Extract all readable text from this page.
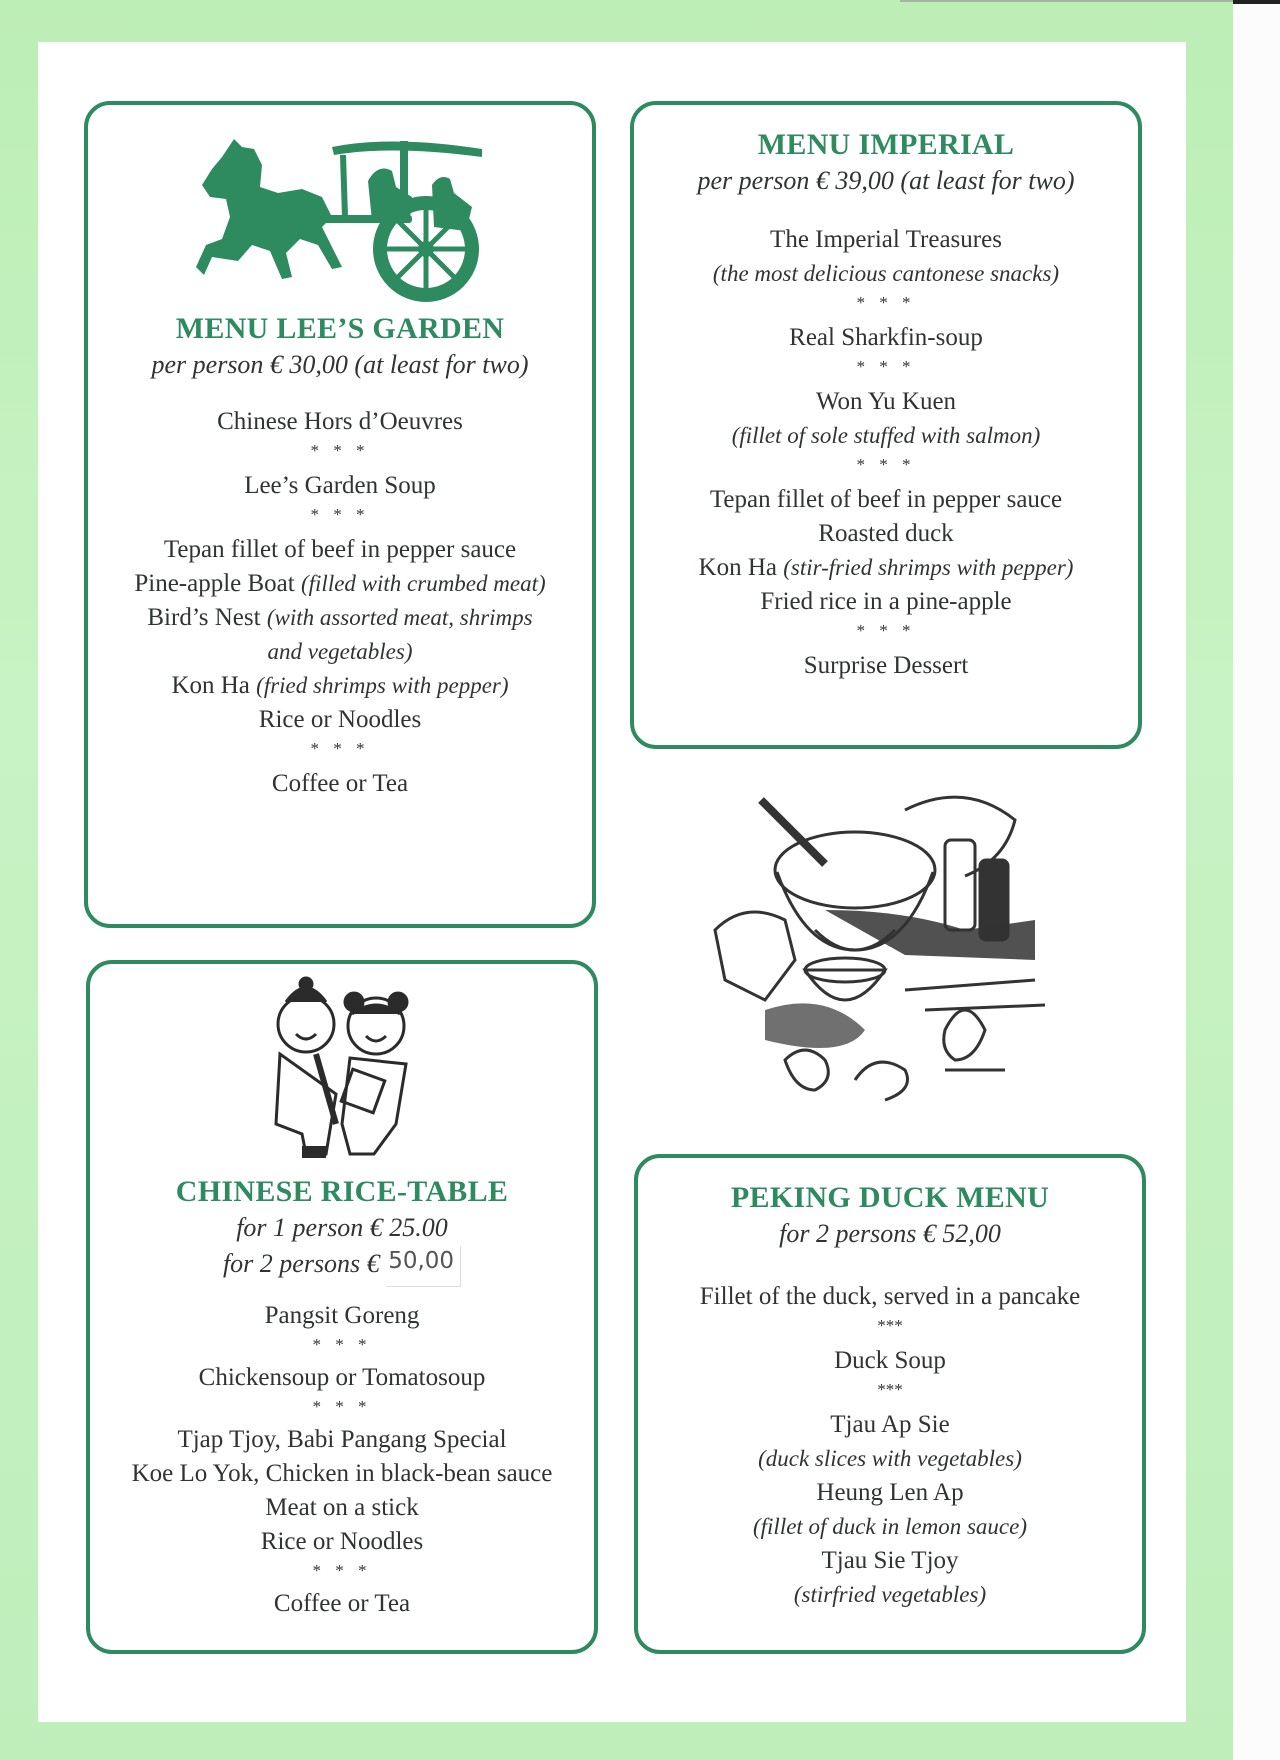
MENU LEE’S GARDEN
per person € 30,00 (at least for two)
Chinese Hors d’Oeuvres
* * *
Lee’s Garden Soup
* * *
Tepan fillet of beef in pepper sauce
Pine-apple Boat (filled with crumbed meat)
Bird’s Nest (with assorted meat, shrimps
and vegetables)
Kon Ha (fried shrimps with pepper)
Rice or Noodles
* * *
Coffee or Tea
MENU IMPERIAL
per person € 39,00 (at least for two)
The Imperial Treasures
(the most delicious cantonese snacks)
* * *
Real Sharkfin-soup
* * *
Won Yu Kuen
(fillet of sole stuffed with salmon)
* * *
Tepan fillet of beef in pepper sauce
Roasted duck
Kon Ha (stir-fried shrimps with pepper)
Fried rice in a pine-apple
* * *
Surprise Dessert
CHINESE RICE-TABLE
for 1 person € 25.00
for 2 persons € 50,00
Pangsit Goreng
* * *
Chickensoup or Tomatosoup
* * *
Tjap Tjoy, Babi Pangang Special
Koe Lo Yok, Chicken in black-bean sauce
Meat on a stick
Rice or Noodles
* * *
Coffee or Tea
PEKING DUCK MENU
for 2 persons € 52,00
Fillet of the duck, served in a pancake
***
Duck Soup
***
Tjau Ap Sie
(duck slices with vegetables)
Heung Len Ap
(fillet of duck in lemon sauce)
Tjau Sie Tjoy
(stirfried vegetables)
